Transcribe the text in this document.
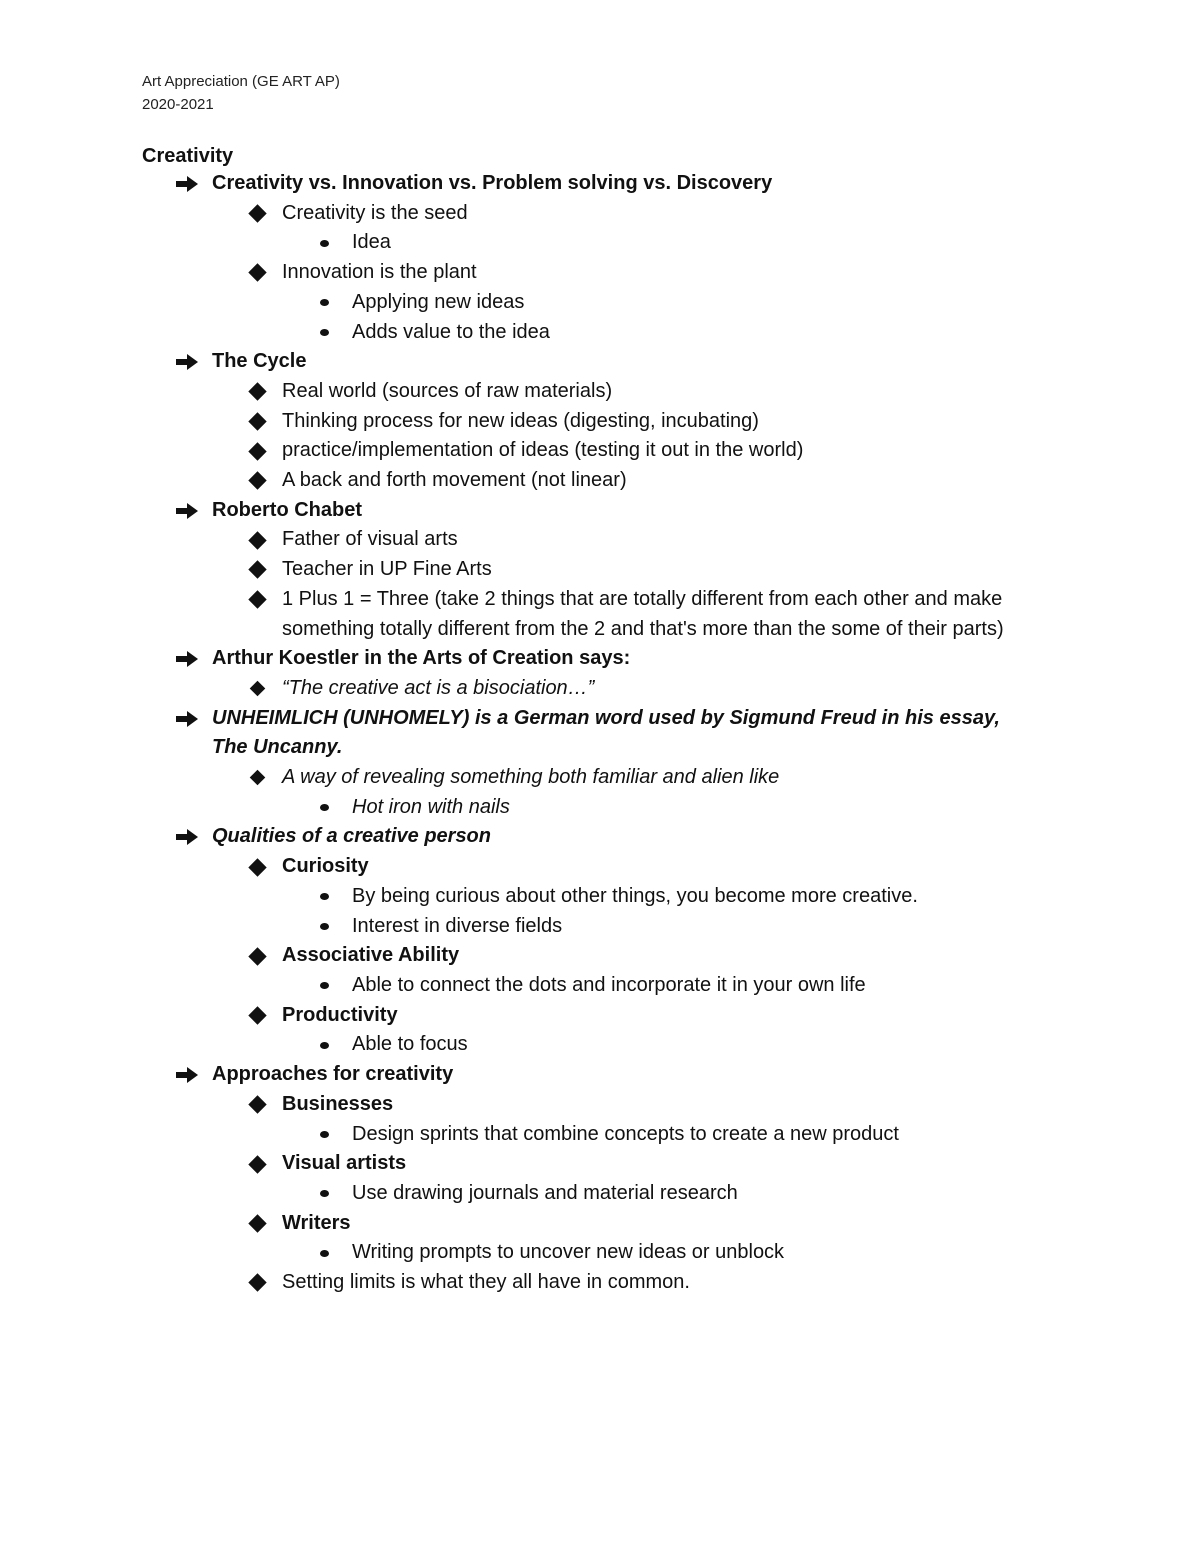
Art Appreciation (GE ART AP)
2020-2021
Creativity
Creativity vs. Innovation vs. Problem solving vs. Discovery
Creativity is the seed
Idea
Innovation is the plant
Applying new ideas
Adds value to the idea
The Cycle
Real world (sources of raw materials)
Thinking process for new ideas (digesting, incubating)
practice/implementation of ideas (testing it out in the world)
A back and forth movement (not linear)
Roberto Chabet
Father of visual arts
Teacher in UP Fine Arts
1 Plus 1 = Three (take 2 things that are totally different from each other and make something totally different from the 2 and that's more than the some of their parts)
Arthur Koestler in the Arts of Creation says:
“The creative act is a bisociation…”
UNHEIMLICH (UNHOMELY) is a German word used by Sigmund Freud in his essay, The Uncanny.
A way of revealing something both familiar and alien like
Hot iron with nails
Qualities of a creative person
Curiosity
By being curious about other things, you become more creative.
Interest in diverse fields
Associative Ability
Able to connect the dots and incorporate it in your own life
Productivity
Able to focus
Approaches for creativity
Businesses
Design sprints that combine concepts to create a new product
Visual artists
Use drawing journals and material research
Writers
Writing prompts to uncover new ideas or unblock
Setting limits is what they all have in common.
